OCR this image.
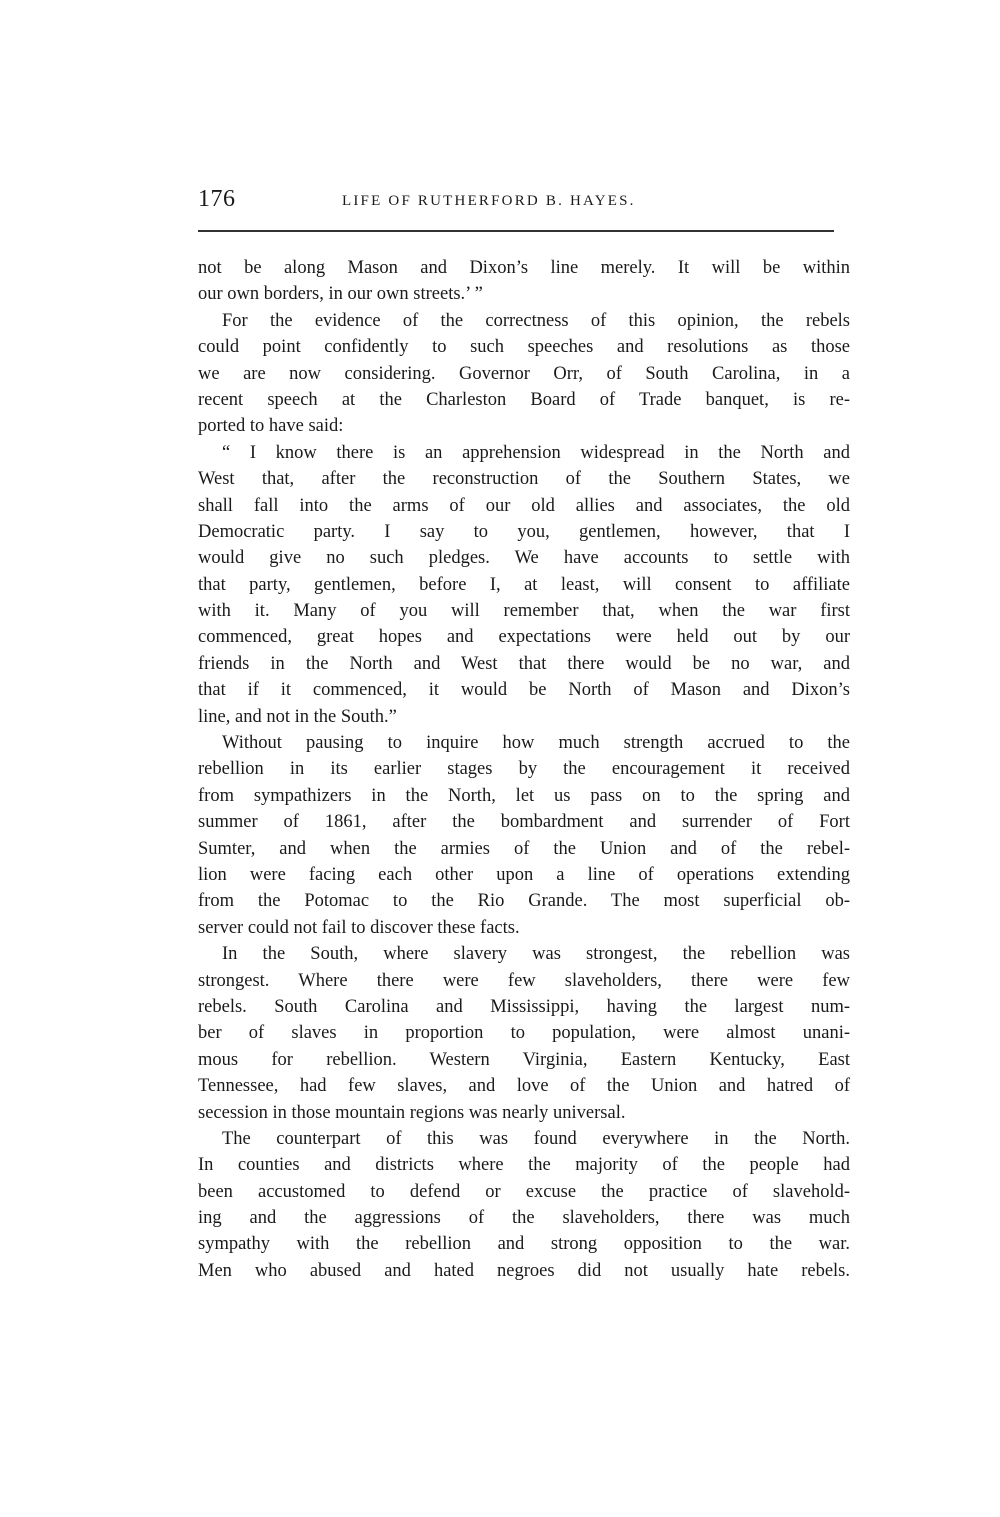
176	LIFE OF RUTHERFORD B. HAYES.
not be along Mason and Dixon’s line merely. It will be within
our own borders, in our own streets.’ ”
For the evidence of the correctness of this opinion, the rebels
could point confidently to such speeches and resolutions as those
we are now considering. Governor Orr, of South Carolina, in a
recent speech at the Charleston Board of Trade banquet, is re-
ported to have said:
“ I know there is an apprehension widespread in the North and
West that, after the reconstruction of the Southern States, we
shall fall into the arms of our old allies and associates, the old
Democratic party. I say to you, gentlemen, however, that I
would give no such pledges. We have accounts to settle with
that party, gentlemen, before I, at least, will consent to affiliate
with it. Many of you will remember that, when the war first
commenced, great hopes and expectations were held out by our
friends in the North and West that there would be no war, and
that if it commenced, it would be North of Mason and Dixon’s
line, and not in the South.”
Without pausing to inquire how much strength accrued to the
rebellion in its earlier stages by the encouragement it received
from sympathizers in the North, let us pass on to the spring and
summer of 1861, after the bombardment and surrender of Fort
Sumter, and when the armies of the Union and of the rebel-
lion were facing each other upon a line of operations extending
from the Potomac to the Rio Grande. The most superficial ob-
server could not fail to discover these facts.
In the South, where slavery was strongest, the rebellion was
strongest. Where there were few slaveholders, there were few
rebels. South Carolina and Mississippi, having the largest num-
ber of slaves in proportion to population, were almost unani-
mous for rebellion. Western Virginia, Eastern Kentucky, East
Tennessee, had few slaves, and love of the Union and hatred of
secession in those mountain regions was nearly universal.
The counterpart of this was found everywhere in the North.
In counties and districts where the majority of the people had
been accustomed to defend or excuse the practice of slavehold-
ing and the aggressions of the slaveholders, there was much
sympathy with the rebellion and strong opposition to the war.
Men who abused and hated negroes did not usually hate rebels.
